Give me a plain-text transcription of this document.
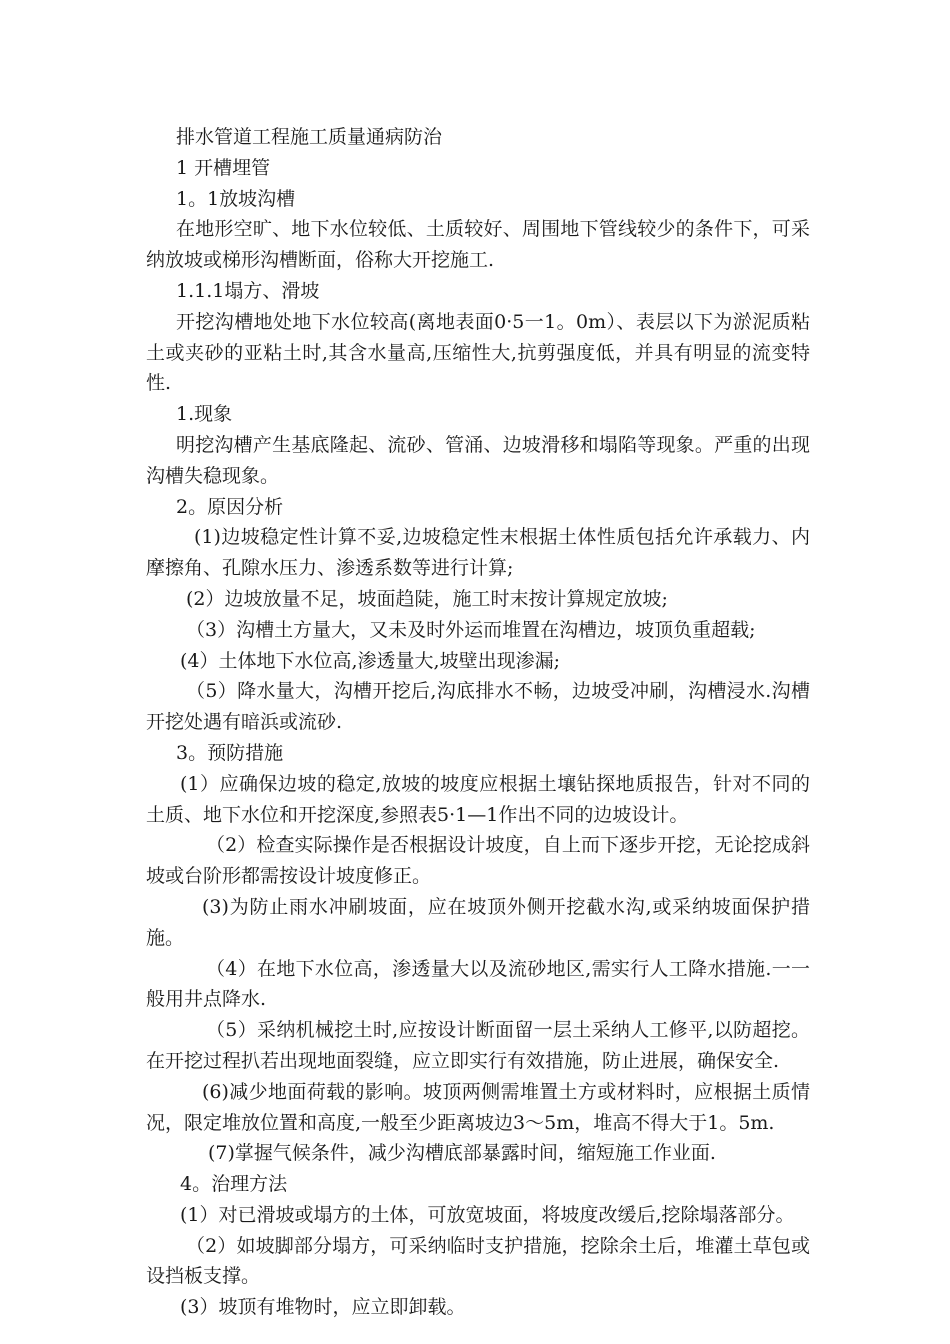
排水管道工程施工质量通病防治
1 开槽埋管
1。1放坡沟槽

在地形空旷、地下水位较低、土质较好、周围地下管线较少的条件下，可采纳放坡或梯形沟槽断面，俗称大开挖施工.

1.1.1塌方、滑坡

开挖沟槽地处地下水位较高(离地表面0·5一1。0m）、表层以下为淤泥质粘土或夹砂的亚粘土时,其含水量高,压缩性大,抗剪强度低，并具有明显的流变特性.

1.现象

明挖沟槽产生基底隆起、流砂、管涌、边坡滑移和塌陷等现象。严重的出现沟槽失稳现象。

2。原因分析

(1)边坡稳定性计算不妥,边坡稳定性末根据土体性质包括允许承载力、内摩擦角、孔隙水压力、渗透系数等进行计算;

(2）边坡放量不足，坡面趋陡，施工时末按计算规定放坡;

（3）沟槽土方量大，又未及时外运而堆置在沟槽边，坡顶负重超载;

(4）土体地下水位高,渗透量大,坡壁出现渗漏;

（5）降水量大，沟槽开挖后,沟底排水不畅，边坡受冲刷，沟槽浸水.沟槽开挖处遇有暗浜或流砂.

3。预防措施

(1）应确保边坡的稳定,放坡的坡度应根据土壤钻探地质报告，针对不同的土质、地下水位和开挖深度,参照表5·1—1作出不同的边坡设计。

（2）检查实际操作是否根据设计坡度，自上而下逐步开挖，无论挖成斜坡或台阶形都需按设计坡度修正。

(3)为防止雨水冲刷坡面，应在坡顶外侧开挖截水沟,或采纳坡面保护措施。

（4）在地下水位高，渗透量大以及流砂地区,需实行人工降水措施.一一般用井点降水.

（5）采纳机械挖土时,应按设计断面留一层土采纳人工修平,以防超挖。在开挖过程扒若出现地面裂缝，应立即实行有效措施，防止进展，确保安全.

(6)减少地面荷载的影响。坡顶两侧需堆置土方或材料时，应根据土质情况，限定堆放位置和高度,一般至少距离坡边3～5m，堆高不得大于1。5m.

(7)掌握气候条件，减少沟槽底部暴露时间，缩短施工作业面.

4。治理方法

(1）对已滑坡或塌方的土体，可放宽坡面，将坡度改缓后,挖除塌落部分。

（2）如坡脚部分塌方，可采纳临时支护措施，挖除余土后，堆灌土草包或设挡板支撑。

(3）坡顶有堆物时，应立即卸载。
